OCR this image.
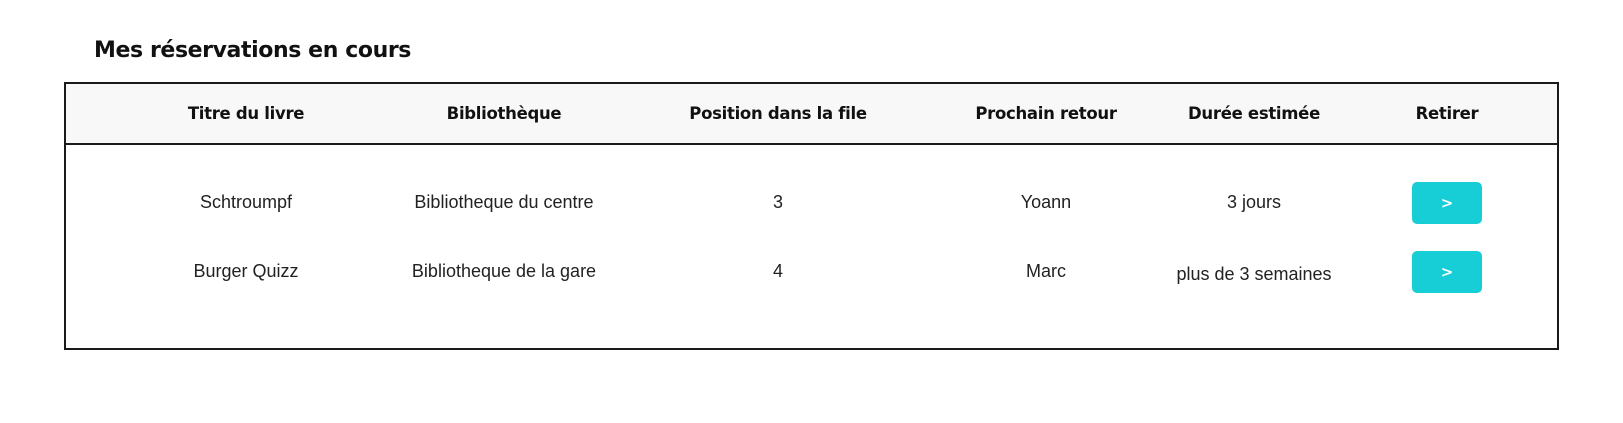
Mes réservations en cours
Titre du livre	Bibliothèque	Position dans la file	Prochain retour	Durée estimée	Retirer
Schtroumpf	Bibliotheque du centre	3	Yoann	3 jours	>
Burger Quizz	Bibliotheque de la gare	4	Marc	plus de 3 semaines	>
